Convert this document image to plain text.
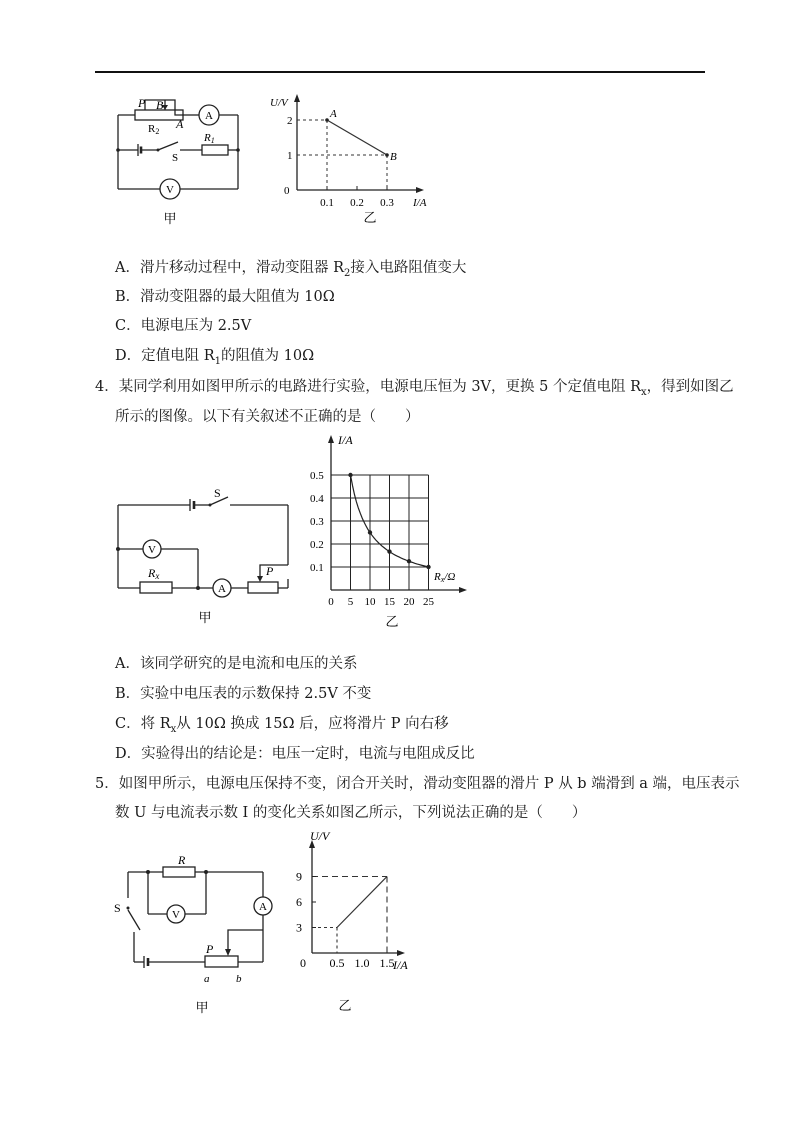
P B
A
R2
R1
S
A
V
甲
A
B
1
2
0.1 0.2 0.3
U/V
I/A
0
乙
A．滑片移动过程中，滑动变阻器 $R_2$接入电路阻值变大
B．滑动变阻器的最大阻值为 10Ω
C．电源电压为 2.5V
D．定值电阻 $R_1$的阻值为 10Ω
4．某同学利用如图甲所示的电路进行实验，电源电压恒为 3V，更换 5 个定值电阻 $R_x$，得到如图乙
所示的图像。以下有关叙述不正确的是（　　）
S
V
A
Rx	P
甲
0.5
0.4
0.3
0.2
0.1
0 5 10 15 20 25
I/A
Rx/Ω
乙
A．该同学研究的是电流和电压的关系
B．实验中电压表的示数保持 2.5V 不变
C．将 $R_x$从 10Ω 换成 15Ω 后，应将滑片 P 向右移
D．实验得出的结论是：电压一定时，电流与电阻成反比
5．如图甲所示，电源电压保持不变，闭合开关时，滑动变阻器的滑片 P 从 b 端滑到 a 端，电压表示
数 U 与电流表示数 I 的变化关系如图乙所示，下列说法正确的是（　　）
R
S	V
A
P
a b
甲
9
6
3
0.5 1.0 1.5
U/V
I/A
0
乙
